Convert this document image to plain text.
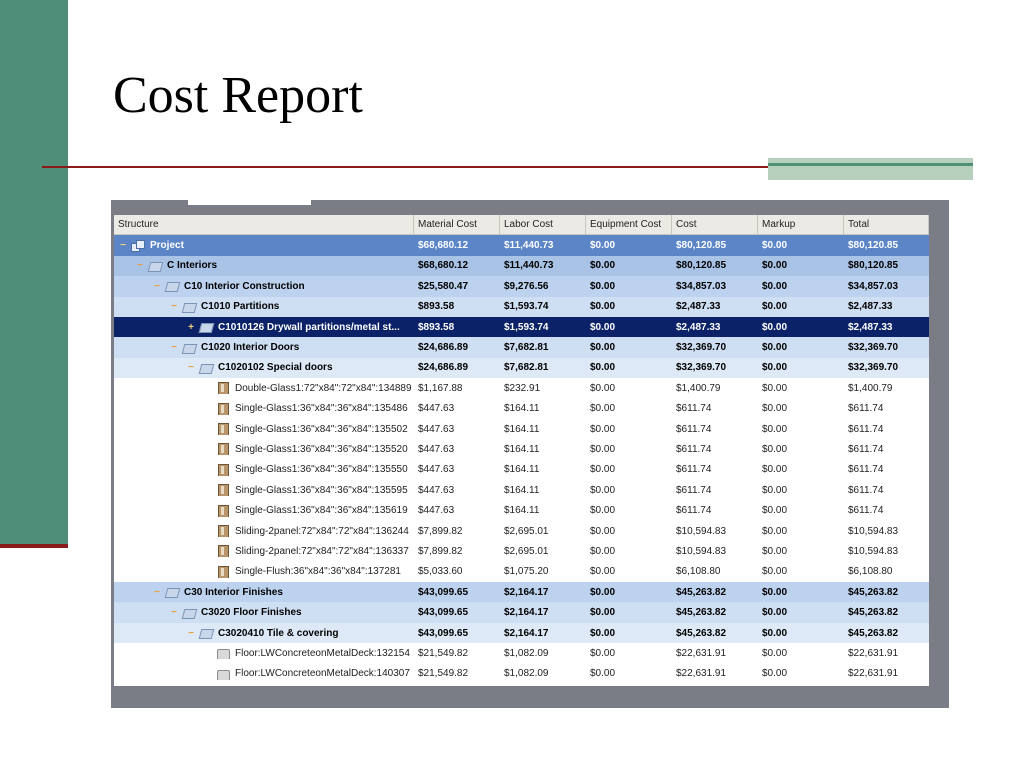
Cost Report
Structure	Material Cost	Labor Cost	Equipment Cost	Cost	Markup	Total
− Project	$68,680.12	$11,440.73	$0.00	$80,120.85	$0.00	$80,120.85
− C Interiors	$68,680.12	$11,440.73	$0.00	$80,120.85	$0.00	$80,120.85
− C10 Interior Construction	$25,580.47	$9,276.56	$0.00	$34,857.03	$0.00	$34,857.03
− C1010 Partitions	$893.58	$1,593.74	$0.00	$2,487.33	$0.00	$2,487.33
+ C1010126 Drywall partitions/metal st...	$893.58	$1,593.74	$0.00	$2,487.33	$0.00	$2,487.33
− C1020 Interior Doors	$24,686.89	$7,682.81	$0.00	$32,369.70	$0.00	$32,369.70
− C1020102 Special doors	$24,686.89	$7,682.81	$0.00	$32,369.70	$0.00	$32,369.70
Double-Glass1:72"x84":72"x84":134889 $1,167.88	$232.91	$0.00	$1,400.79	$0.00	$1,400.79
Single-Glass1:36"x84":36"x84":135486	$447.63	$164.11	$0.00	$611.74	$0.00	$611.74
Single-Glass1:36"x84":36"x84":135502	$447.63	$164.11	$0.00	$611.74	$0.00	$611.74
Single-Glass1:36"x84":36"x84":135520	$447.63	$164.11	$0.00	$611.74	$0.00	$611.74
Single-Glass1:36"x84":36"x84":135550	$447.63	$164.11	$0.00	$611.74	$0.00	$611.74
Single-Glass1:36"x84":36"x84":135595	$447.63	$164.11	$0.00	$611.74	$0.00	$611.74
Single-Glass1:36"x84":36"x84":135619	$447.63	$164.11	$0.00	$611.74	$0.00	$611.74
Sliding-2panel:72"x84":72"x84":136244 $7,899.82	$2,695.01	$0.00	$10,594.83	$0.00	$10,594.83
Sliding-2panel:72"x84":72"x84":136337 $7,899.82	$2,695.01	$0.00	$10,594.83	$0.00	$10,594.83
Single-Flush:36"x84":36"x84":137281	$5,033.60	$1,075.20	$0.00	$6,108.80	$0.00	$6,108.80
− C30 Interior Finishes	$43,099.65	$2,164.17	$0.00	$45,263.82	$0.00	$45,263.82
− C3020 Floor Finishes	$43,099.65	$2,164.17	$0.00	$45,263.82	$0.00	$45,263.82
− C3020410 Tile & covering	$43,099.65	$2,164.17	$0.00	$45,263.82	$0.00	$45,263.82
Floor:LWConcreteonMetalDeck:132154 $21,549.82	$1,082.09	$0.00	$22,631.91	$0.00	$22,631.91
Floor:LWConcreteonMetalDeck:140307 $21,549.82	$1,082.09	$0.00	$22,631.91	$0.00	$22,631.91
